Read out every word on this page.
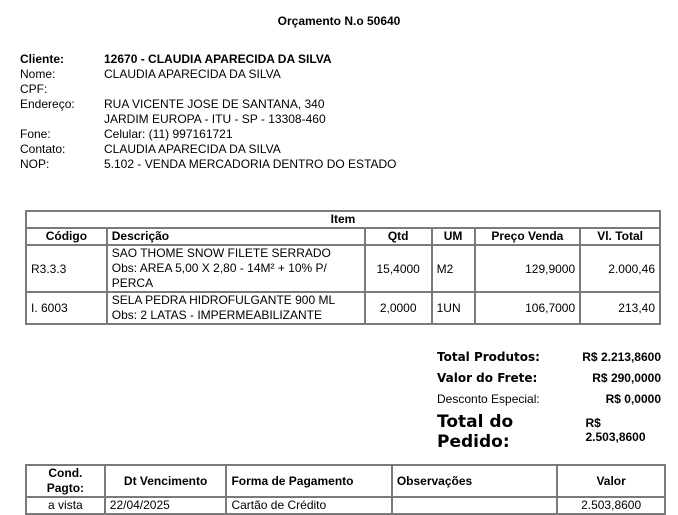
Orçamento N.o 50640
Cliente:	12670 - CLAUDIA APARECIDA DA SILVA
Nome:	CLAUDIA APARECIDA DA SILVA
CPF:
Endereço:	RUA VICENTE JOSE DE SANTANA, 340
JARDIM EUROPA - ITU - SP - 13308-460
Fone:	Celular: (11) 997161721
Contato:	CLAUDIA APARECIDA DA SILVA
NOP:	5.102 - VENDA MERCADORIA DENTRO DO ESTADO
Item					
Código	Descrição	Qtd	UM	Preço Venda	Vl. Total
R3.3.3	SAO THOME SNOW FILETE SERRADO
Obs: AREA 5,00 X 2,80 - 14M² + 10% P/ PERCA	15,4000	M2	129,9000	2.000,46
I. 6003	SELA PEDRA HIDROFULGANTE 900 ML
Obs: 2 LATAS - IMPERMEABILIZANTE	2,0000	1UN	106,7000	213,40
Total Produtos:	R$ 2.213,8600
Valor do Frete:	R$ 290,0000
Desconto Especial:	R$ 0,0000
Total do Pedido:
R$ 2.503,8600
Cond. Pagto:	Dt Vencimento	Forma de Pagamento	Observações	Valor
a vista	22/04/2025	Cartão de Crédito		2.503,8600
